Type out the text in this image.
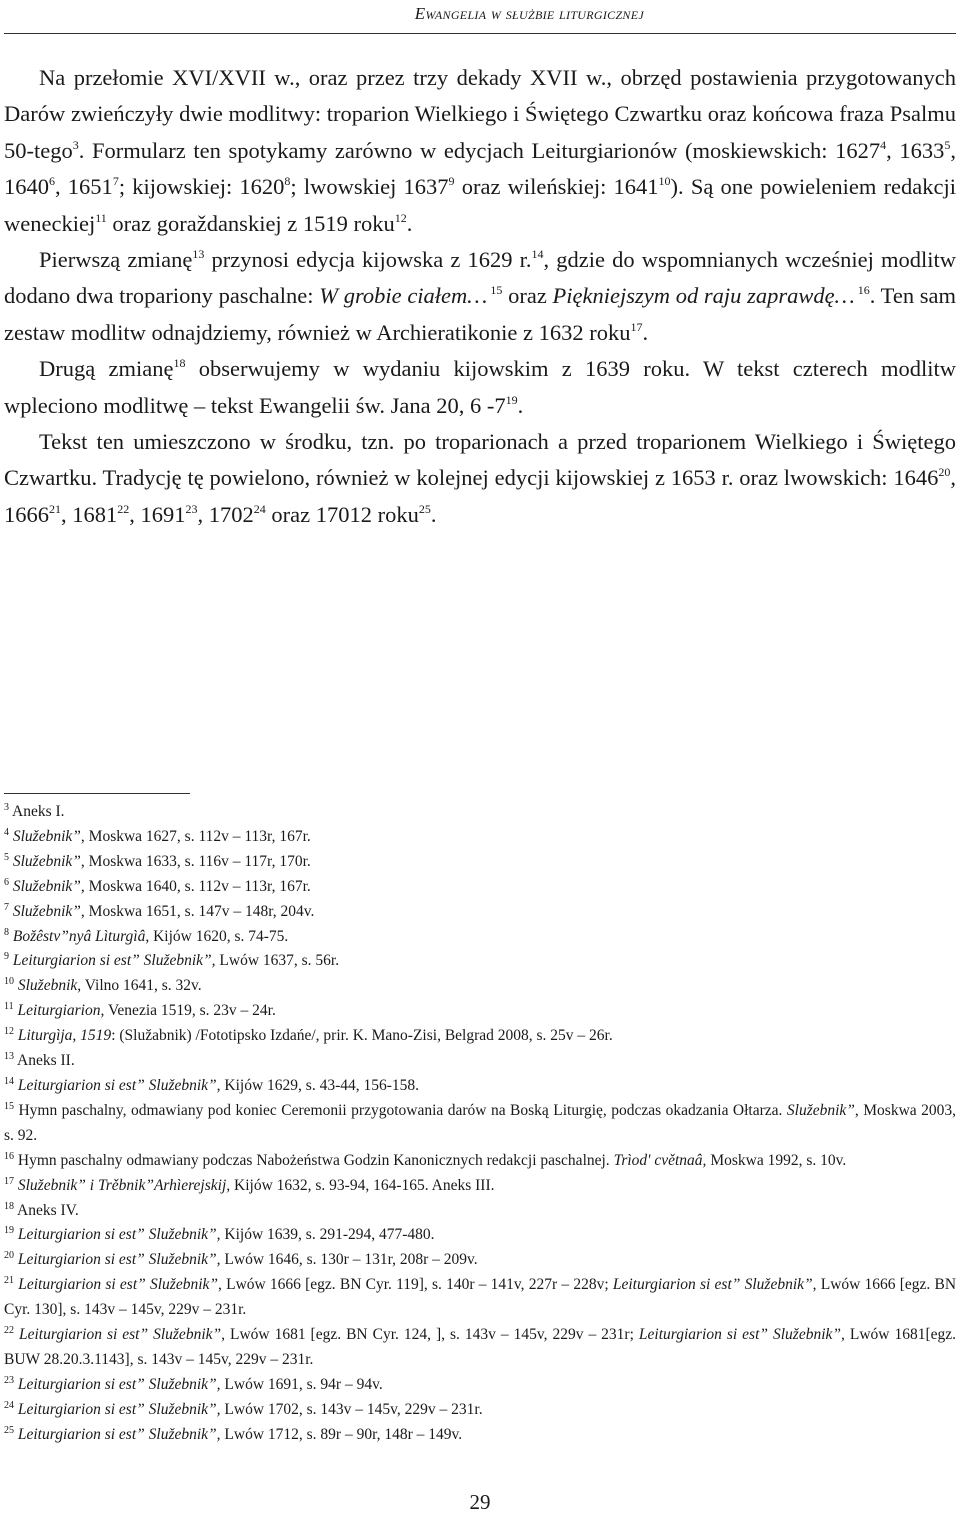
Ewangelia w służbie liturgicznej

Na przełomie XVI/XVII w., oraz przez trzy dekady XVII w., obrzęd postawienia przygotowanych Darów zwieńczyły dwie modlitwy: troparion Wielkiego i Świętego Czwartku oraz końcowa fraza Psalmu 50-tego$^3$. Formularz ten spotykamy zarówno w edycjach Leiturgiarionów (moskiewskich: 1627$^4$, 1633$^5$, 1640$^6$, 1651$^7$; kijowskiej: 1620$^8$; lwowskiej 1637$^9$ oraz wileńskiej: 1641$^{10}$). Są one powieleniem redakcji weneckiej$^{11}$ oraz goraždanskiej z 1519 roku$^{12}$.

Pierwszą zmianę$^{13}$ przynosi edycja kijowska z 1629 r.$^{14}$, gdzie do wspomnianych wcześniej modlitw dodano dwa tropariony paschalne: W grobie ciałem… $^{15}$ oraz Piękniejszym od raju zaprawdę… $^{16}$. Ten sam zestaw modlitw odnajdziemy, również w Archieratikonie z 1632 roku$^{17}$.

Drugą zmianę$^{18}$ obserwujemy w wydaniu kijowskim z 1639 roku. W tekst czterech modlitw wpleciono modlitwę – tekst Ewangelii św. Jana 20, 6 $-7^{19}$.

Tekst ten umieszczono w środku, tzn. po troparionach a przed troparionem Wielkiego i Świętego Czwartku. Tradycję tę powielono, również w kolejnej edycji kijowskiej z 1653 r. oraz lwowskich: 1646$^{20}$, 1666$^{21}$, 1681$^{22}$, 1691$^{23}$, 1702$^{24}$ oraz 17012 roku$^{25}$.

$^3$ Aneks I.

$^4$ Služebnik”, Moskwa 1627, s. 112v – 113r, 167r.

$^5$ Služebnik”, Moskwa 1633, s. 116v – 117r, 170r.

$^6$ Služebnik”, Moskwa 1640, s. 112v – 113r, 167r.

$^7$ Služebnik”, Moskwa 1651, s. 147v – 148r, 204v.

$^8$ Božêstv”nyâ Lìturgìâ, Kijów 1620, s. 74-75.

$^9$ Leiturgiarion si est” Služebnik”, Lwów 1637, s. 56r.

$^{10}$ Služebnik, Vilno 1641, s. 32v.

$^{11}$ Leiturgiarion, Venezia 1519, s. 23v – 24r.

$^{12}$ Liturgìja, 1519: (Služabnik) /Fototipsko Izdańe/, prir. K. Mano-Zisi, Belgrad 2008, s. 25v – 26r.

$^{13}$ Aneks II.

$^{14}$ Leiturgiarion si est” Služebnik”, Kijów 1629, s. 43-44, 156-158.

$^{15}$ Hymn paschalny, odmawiany pod koniec Ceremonii przygotowania darów na Boską Liturgię, podczas okadzania Ołtarza. Služebnik”, Moskwa 2003, s. 92.

$^{16}$ Hymn paschalny odmawiany podczas Nabożeństwa Godzin Kanonicznych redakcji paschalnej. Trìod' cvětnaâ, Moskwa 1992, s. 10v.

$^{17}$ Služebnik” i Trěbnik”Arhìerejskij, Kijów 1632, s. 93-94, 164-165. Aneks III.

$^{18}$ Aneks IV.

$^{19}$ Leiturgiarion si est” Služebnik”, Kijów 1639, s. 291-294, 477-480.

$^{20}$ Leiturgiarion si est” Služebnik”, Lwów 1646, s. 130r – 131r, 208r – 209v.

$^{21}$ Leiturgiarion si est” Služebnik”, Lwów 1666 [egz. BN Cyr. 119], s. 140r – 141v, 227r – 228v; Leiturgiarion si est” Služebnik”, Lwów 1666 [egz. BN Cyr. 130], s. 143v – 145v, 229v – 231r.

$^{22}$ Leiturgiarion si est” Služebnik”, Lwów 1681 [egz. BN Cyr. 124, ], s. 143v – 145v, 229v – 231r; Leiturgiarion si est” Služebnik”, Lwów 1681[egz. BUW 28.20.3.1143], s. 143v – 145v, 229v – 231r.

$^{23}$ Leiturgiarion si est” Služebnik”, Lwów 1691, s. 94r – 94v.

$^{24}$ Leiturgiarion si est” Služebnik”, Lwów 1702, s. 143v – 145v, 229v – 231r.

$^{25}$ Leiturgiarion si est” Služebnik”, Lwów 1712, s. 89r – 90r, 148r – 149v.

29
